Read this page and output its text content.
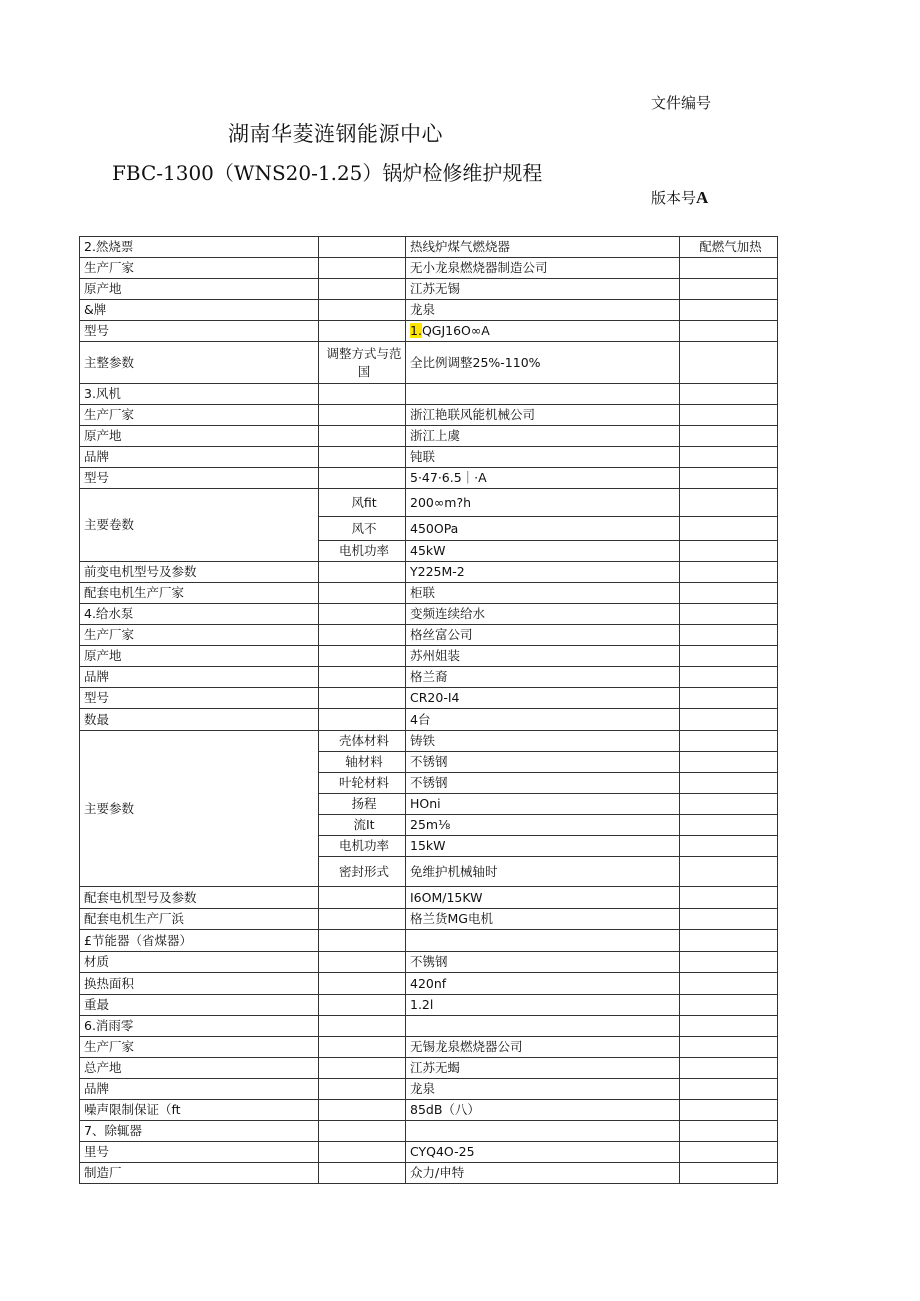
文件编号
湖南华菱涟钢能源中心
FBC-1300（WNS20-1.25）锅炉检修维护规程
版本号A
2.然烧票		热线炉煤气燃烧器	配燃气加热
生产厂家		无小龙泉燃烧器制造公司	
原产地		江苏无锡	
&牌		龙泉	
型号		1.QGJ16O∞A	
主整参数	调整方式与范国	全比例调整25%-110%	
3.风机			
生产厂家		浙江艳联风能机械公司	
原产地		浙江上虞	
品牌		钝联	
型号		5·47·6.5｜·A	
主要卷数	风fit	200∞m?h	
	风不	450OPa	
	电机功率	45kW	
前变电机型号及参数		Y225M-2	
配套电机生产厂家		柜联	
4.给水泵		变频连续给水	
生产厂家		格丝富公司	
原产地		苏州姐装	
品牌		格兰裔	
型号		CR20-I4	
数最		4台	
主要参数	壳体材料	铸铁	
	轴材料	不锈钢	
	叶轮材料	不锈钢	
	扬程	HOni	
	流It	25m⅛	
	电机功率	15kW	
	密封形式	免维护机械轴时	
配套电机型号及参数		I6OM/15KW	
配套电机生产厂浜		格兰货MG电机	
£节能器（省煤器）			
材质		不镌钢	
换热面积		420nf	
重最		1.2l	
6.消雨零			
生产厂家		无锡龙泉燃烧器公司	
总产地		江苏无蝎	
品牌		龙泉	
噪声限制保证（ft		85dB（八）	
7、除辄器			
里号		CYQ4O-25	
制造厂		众力/申特	
